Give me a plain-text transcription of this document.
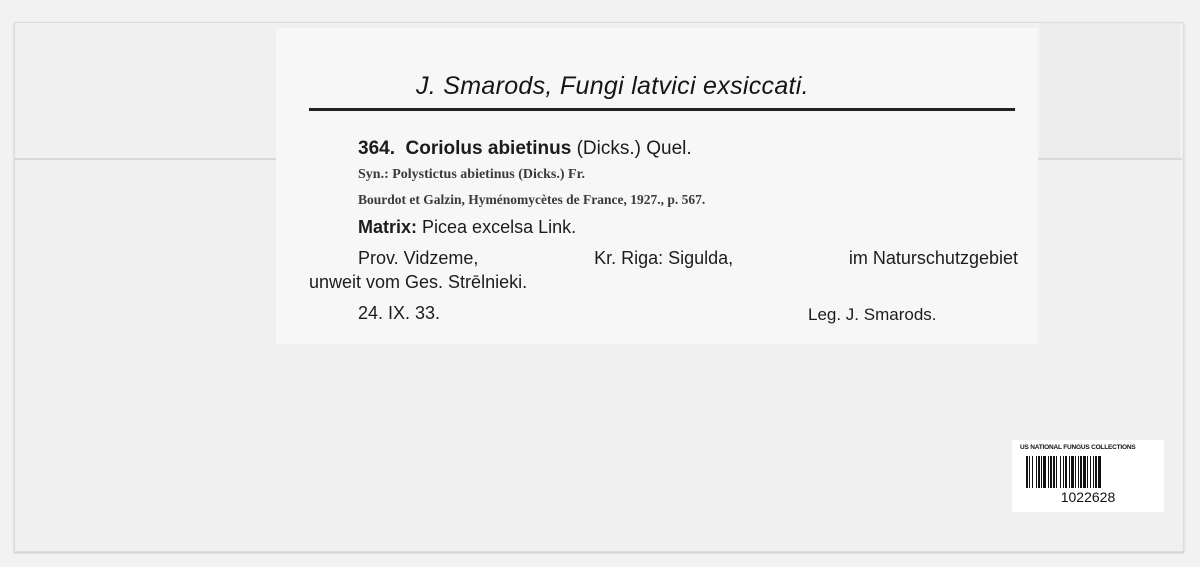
J. Smarods, Fungi latvici exsiccati.
364. Coriolus abietinus (Dicks.) Quel.
Syn.: Polystictus abietinus (Dicks.) Fr.
Bourdot et Galzin, Hyménomycètes de France, 1927., p. 567.
Matrix: Picea excelsa Link.
Prov. Vidzeme,	Kr. Riga: Sigulda,	im Naturschutzgebiet
unweit vom Ges. Strēlnieki.
24. IX. 33.	Leg. J. Smarods.
US NATIONAL FUNGUS COLLECTIONS
1022628
